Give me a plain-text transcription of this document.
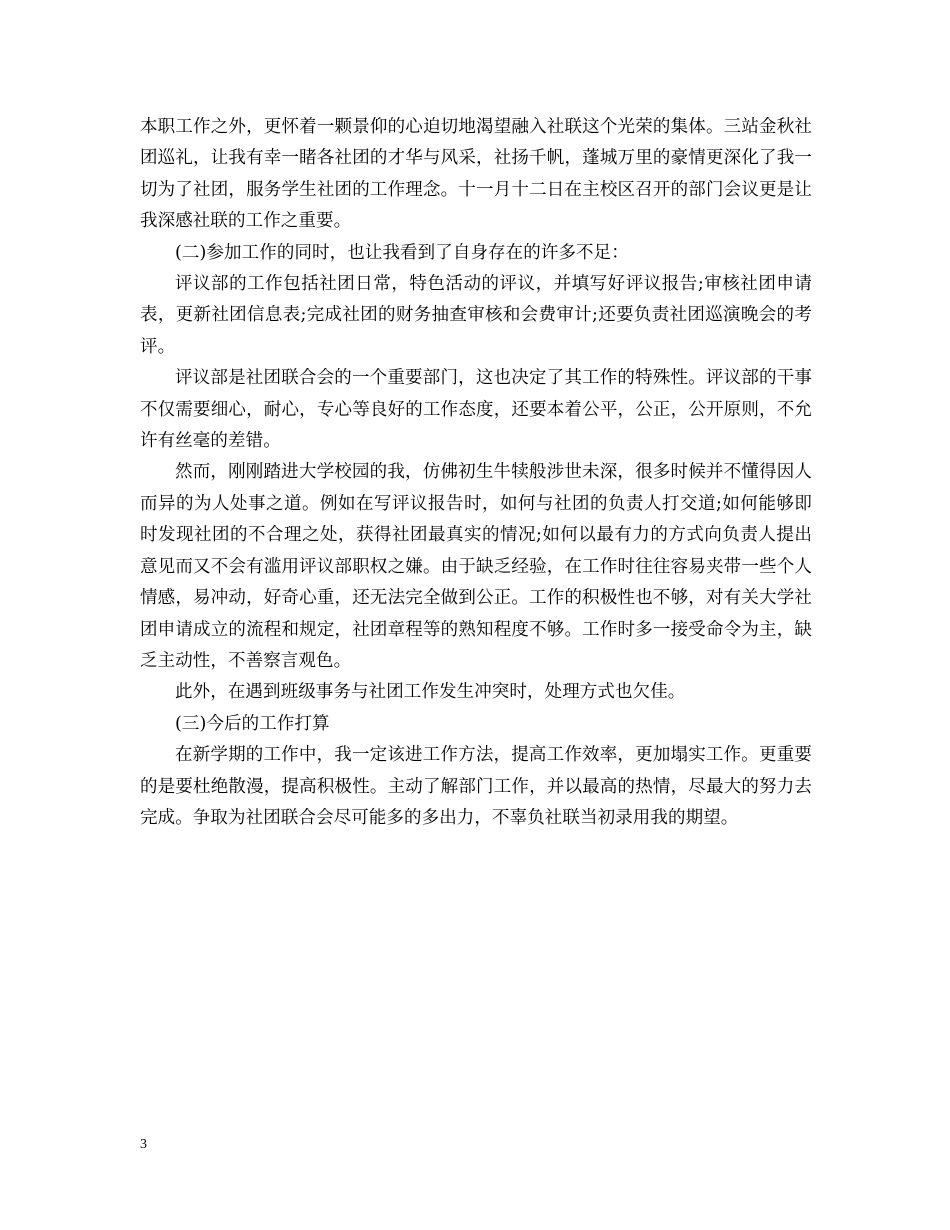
本职工作之外，更怀着一颗景仰的心迫切地渴望融入社联这个光荣的集体。三站金秋社团巡礼，让我有幸一睹各社团的才华与风采，社扬千帆，蓬城万里的豪情更深化了我一切为了社团，服务学生社团的工作理念。十一月十二日在主校区召开的部门会议更是让我深感社联的工作之重要。

(二)参加工作的同时，也让我看到了自身存在的许多不足：

评议部的工作包括社团日常，特色活动的评议，并填写好评议报告;审核社团申请表，更新社团信息表;完成社团的财务抽查审核和会费审计;还要负责社团巡演晚会的考评。

评议部是社团联合会的一个重要部门，这也决定了其工作的特殊性。评议部的干事不仅需要细心，耐心，专心等良好的工作态度，还要本着公平，公正，公开原则，不允许有丝毫的差错。

然而，刚刚踏进大学校园的我，仿佛初生牛犊般涉世未深，很多时候并不懂得因人而异的为人处事之道。例如在写评议报告时，如何与社团的负责人打交道;如何能够即时发现社团的不合理之处，获得社团最真实的情况;如何以最有力的方式向负责人提出意见而又不会有滥用评议部职权之嫌。由于缺乏经验，在工作时往往容易夹带一些个人情感，易冲动，好奇心重，还无法完全做到公正。工作的积极性也不够，对有关大学社团申请成立的流程和规定，社团章程等的熟知程度不够。工作时多一接受命令为主，缺乏主动性，不善察言观色。

此外，在遇到班级事务与社团工作发生冲突时，处理方式也欠佳。

(三)今后的工作打算

在新学期的工作中，我一定该进工作方法，提高工作效率，更加塌实工作。更重要的是要杜绝散漫，提高积极性。主动了解部门工作，并以最高的热情，尽最大的努力去完成。争取为社团联合会尽可能多的多出力，不辜负社联当初录用我的期望。

3
